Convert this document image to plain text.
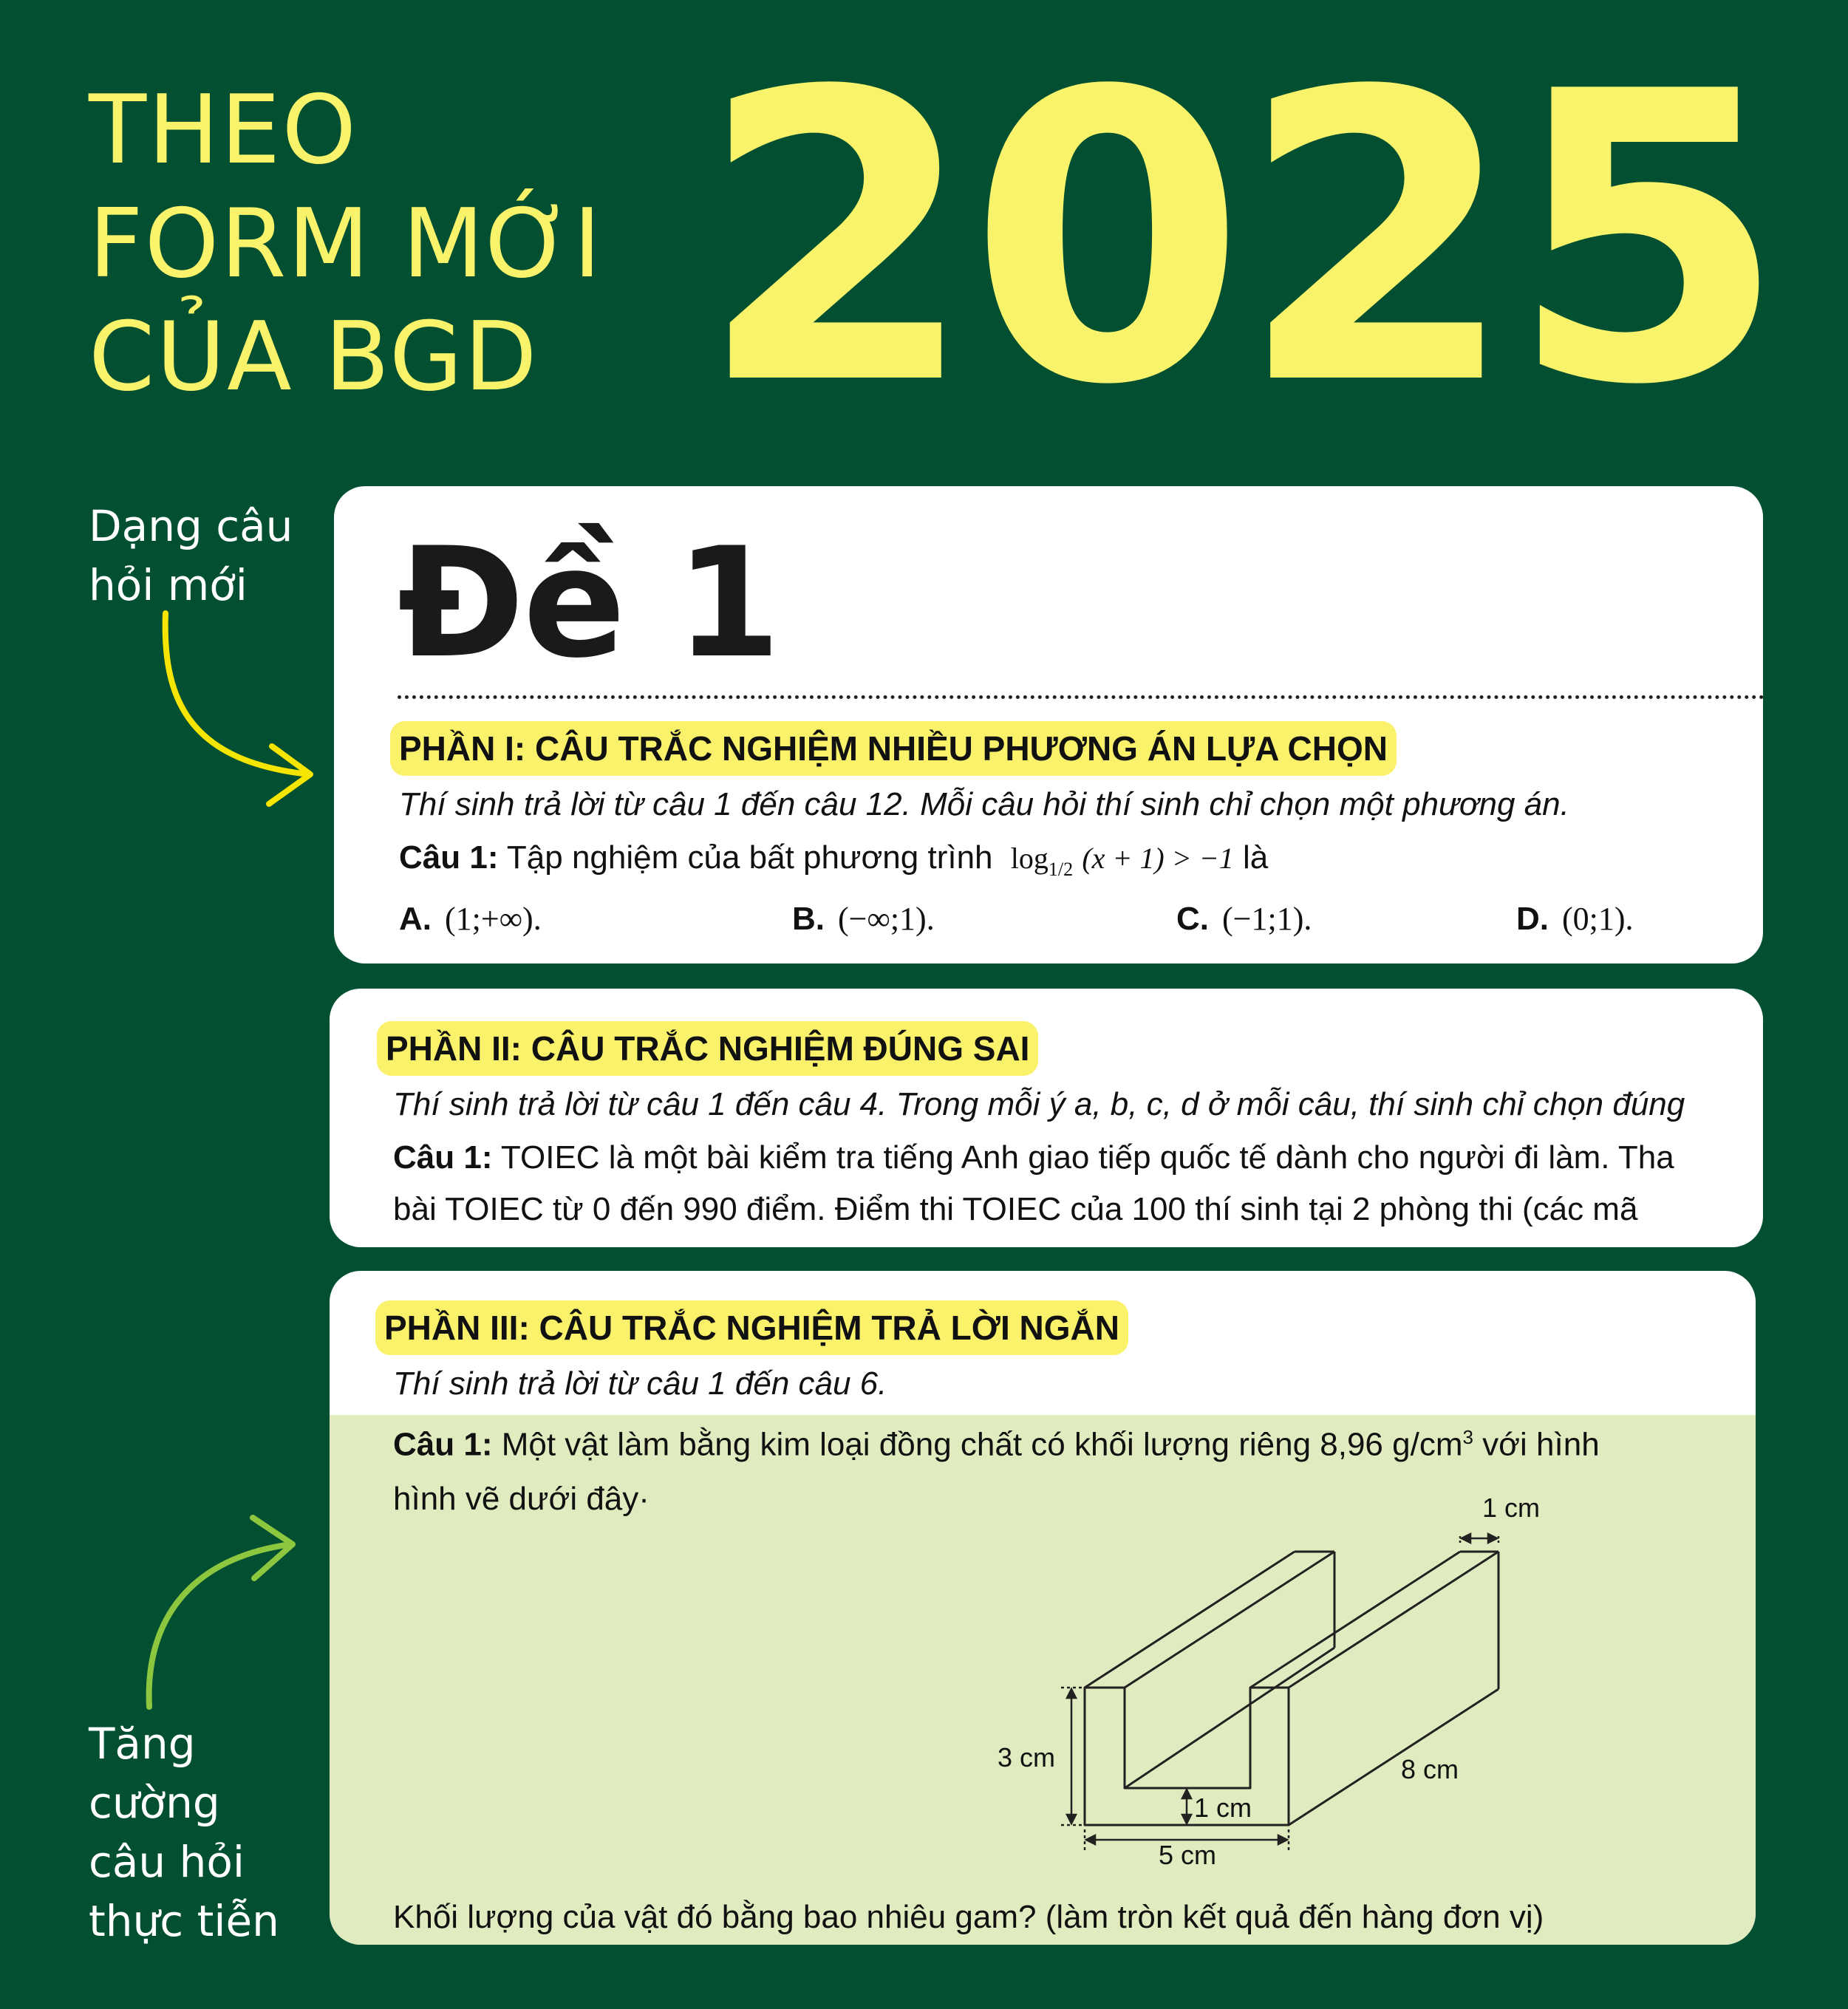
THEO
FORM MỚI
CỦA BGD 2025
Dạng câu
hỏi mới
Tăng
cường
câu hỏi
thực tiễn
Đề 1
PHẦN I: CÂU TRẮC NGHIỆM NHIỀU PHƯƠNG ÁN LỰA CHỌN
Thí sinh trả lời từ câu 1 đến câu 12. Mỗi câu hỏi thí sinh chỉ chọn một phương án.
Câu 1: Tập nghiệm của bất phương trình $\log_{1/2} (x + 1) > -1$ là
A. (1;+∞).	B. (−∞;1).	C. (−1;1).	D. (0;1).
PHẦN II: CÂU TRẮC NGHIỆM ĐÚNG SAI
Thí sinh trả lời từ câu 1 đến câu 4. Trong mỗi ý a, b, c, d ở mỗi câu, thí sinh chỉ chọn đúng
Câu 1: TOIEC là một bài kiểm tra tiếng Anh giao tiếp quốc tế dành cho người đi làm. Tha
bài TOIEC từ 0 đến 990 điểm. Điểm thi TOIEC của 100 thí sinh tại 2 phòng thi (các mã
PHẦN III: CÂU TRẮC NGHIỆM TRẢ LỜI NGẮN
Thí sinh trả lời từ câu 1 đến câu 6.
Câu 1: Một vật làm bằng kim loại đồng chất có khối lượng riêng 8,96 $g/cm^3$ với hình
hình vẽ dưới đây·	1 cm
3 cm	8 cm
1 cm
5 cm
Khối lượng của vật đó bằng bao nhiêu gam? (làm tròn kết quả đến hàng đơn vị)
